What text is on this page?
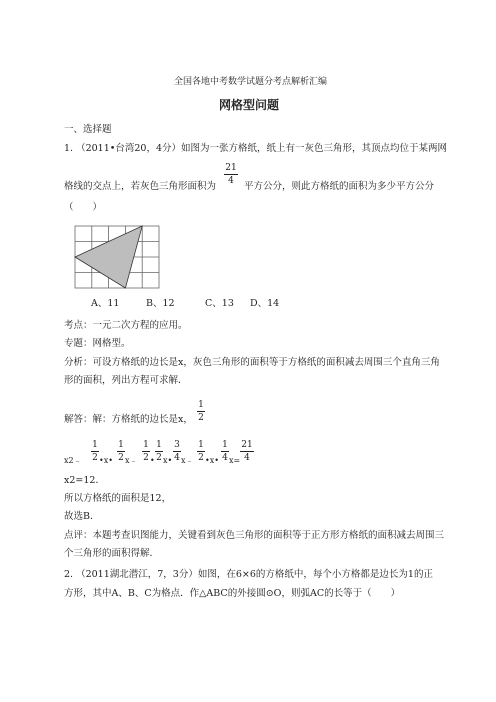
全国各地中考数学试题分考点解析汇编
网格型问题
一、选择题
1. （2011•台湾20，4分）如图为一张方格纸，纸上有一灰色三角形，其顶点均位于某两网
21
4
格线的交点上，若灰色三角形面积为	平方公分，则此方格纸的面积为多少平方公分
（　　）
A、11	B、12	C、13 D、14
考点：一元二次方程的应用。
专题：网格型。
分析：可设方格纸的边长是x，灰色三角形的面积等于方格纸的面积减去周围三个直角三角
形的面积，列出方程可求解．
1
2
解答：解：方格纸的边长是x，
x2﹣
1
2 •x•
1
2 x﹣
1
2 •
1
2 x•
3
4 x﹣
1
2 •x•
1
4 x=
21
4
x2=12．
所以方格纸的面积是12，
故选B．
点评：本题考查识图能力，关键看到灰色三角形的面积等于正方形方格纸的面积减去周围三
个三角形的面积得解．
2. （2011湖北潜江，7，3分）如图，在6×6的方格纸中，每个小方格都是边长为1的正
方形，其中A、B、C为格点．作△ABC的外接圆⊙O，则弧AC的长等于（　　）
